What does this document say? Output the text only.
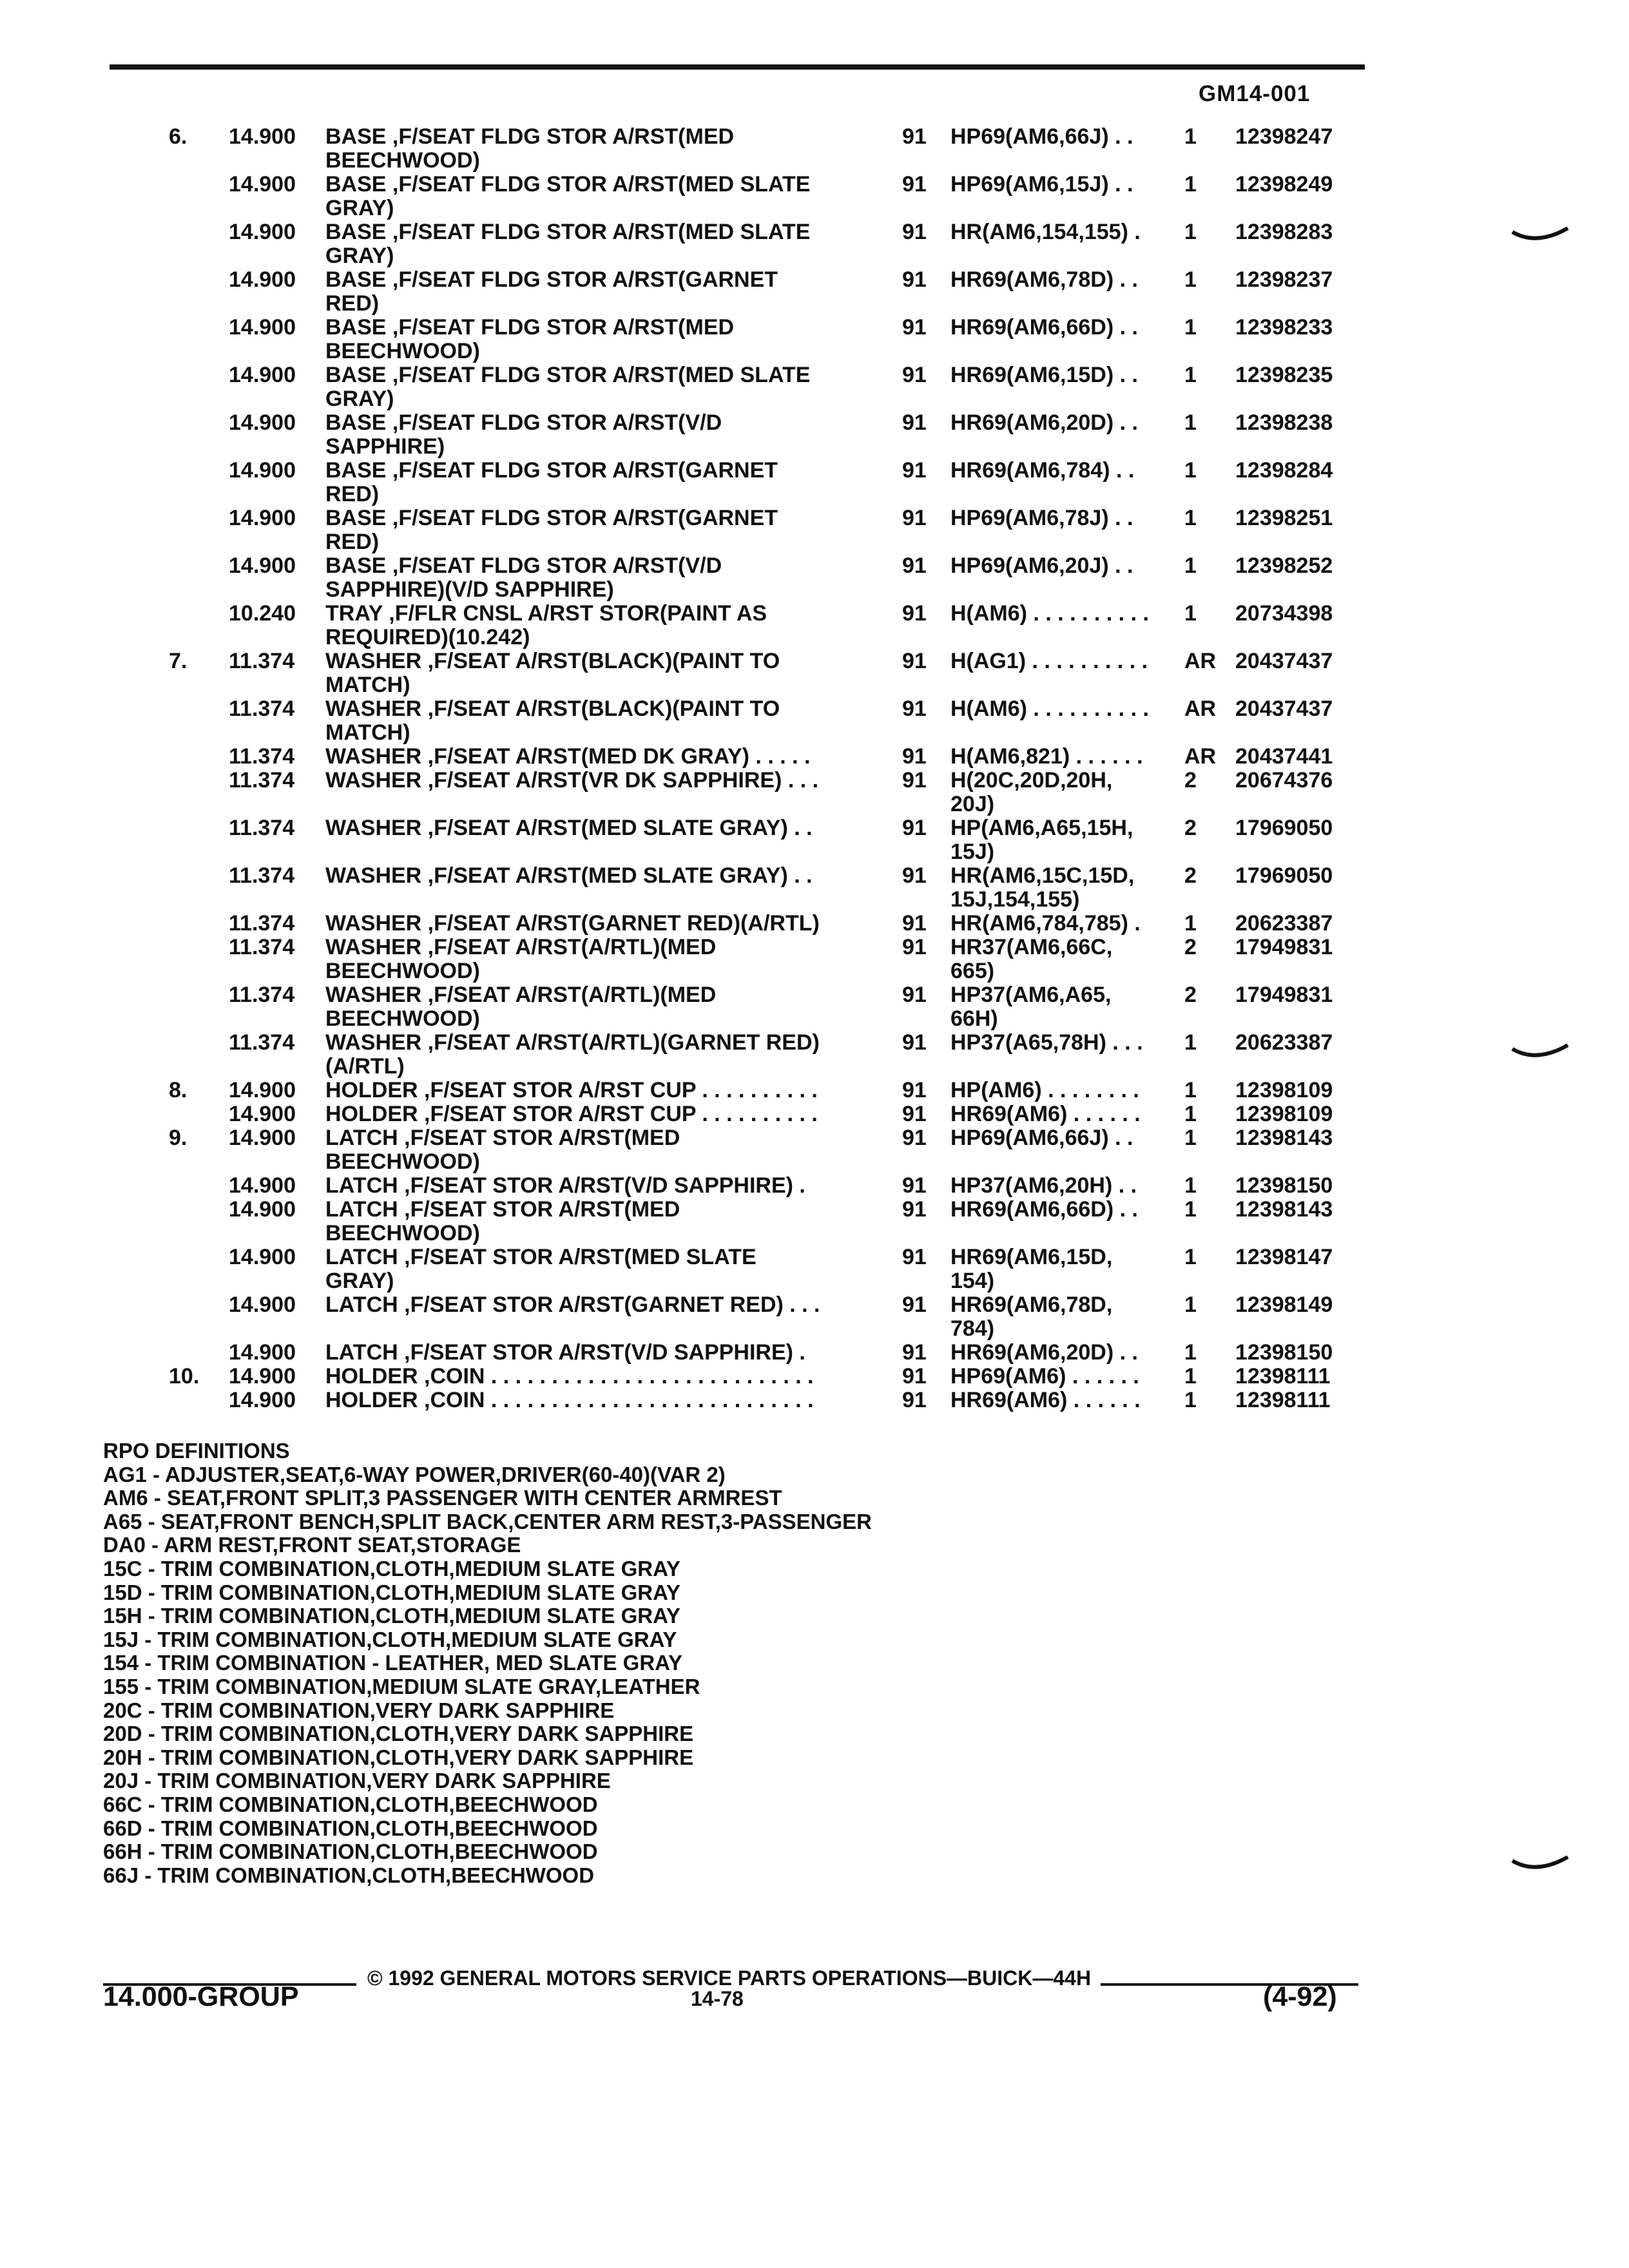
GM14-001
6.	14.900 BASE ,F/SEAT FLDG STOR A/RST(MED	91 HP69(AM6,66J) . .	1 12398247
BEECHWOOD)
14.900 BASE ,F/SEAT FLDG STOR A/RST(MED SLATE	91 HP69(AM6,15J) . .	1 12398249
GRAY)
14.900 BASE ,F/SEAT FLDG STOR A/RST(MED SLATE	91 HR(AM6,154,155) .	1 12398283
GRAY)
14.900 BASE ,F/SEAT FLDG STOR A/RST(GARNET	91 HR69(AM6,78D) . .	1 12398237
RED)
14.900 BASE ,F/SEAT FLDG STOR A/RST(MED	91 HR69(AM6,66D) . .	1 12398233
BEECHWOOD)
14.900 BASE ,F/SEAT FLDG STOR A/RST(MED SLATE	91 HR69(AM6,15D) . .	1 12398235
GRAY)
14.900 BASE ,F/SEAT FLDG STOR A/RST(V/D	91 HR69(AM6,20D) . .	1 12398238
SAPPHIRE)
14.900 BASE ,F/SEAT FLDG STOR A/RST(GARNET	91 HR69(AM6,784) . .	1 12398284
RED)
14.900 BASE ,F/SEAT FLDG STOR A/RST(GARNET	91 HP69(AM6,78J) . .	1 12398251
RED)
14.900 BASE ,F/SEAT FLDG STOR A/RST(V/D	91 HP69(AM6,20J) . .	1 12398252
SAPPHIRE)(V/D SAPPHIRE)
10.240 TRAY ,F/FLR CNSL A/RST STOR(PAINT AS	91 H(AM6) . . . . . . . . . .	1 20734398
REQUIRED)(10.242)
7.	11.374 WASHER ,F/SEAT A/RST(BLACK)(PAINT TO	91 H(AG1) . . . . . . . . . .	AR 20437437
MATCH)
11.374 WASHER ,F/SEAT A/RST(BLACK)(PAINT TO	91 H(AM6) . . . . . . . . . .	AR 20437437
MATCH)
11.374 WASHER ,F/SEAT A/RST(MED DK GRAY) . . . . .	91 H(AM6,821) . . . . . .	AR 20437441
11.374 WASHER ,F/SEAT A/RST(VR DK SAPPHIRE) . . .	91 H(20C,20D,20H,	2 20674376
20J)
11.374 WASHER ,F/SEAT A/RST(MED SLATE GRAY) . .	91 HP(AM6,A65,15H,	2 17969050
15J)
11.374 WASHER ,F/SEAT A/RST(MED SLATE GRAY) . .	91 HR(AM6,15C,15D,	2 17969050
15J,154,155)
11.374 WASHER ,F/SEAT A/RST(GARNET RED)(A/RTL)	91 HR(AM6,784,785) .	1 20623387
11.374 WASHER ,F/SEAT A/RST(A/RTL)(MED	91 HR37(AM6,66C,	2 17949831
BEECHWOOD)	665)
11.374 WASHER ,F/SEAT A/RST(A/RTL)(MED	91 HP37(AM6,A65,	2 17949831
BEECHWOOD)	66H)
11.374 WASHER ,F/SEAT A/RST(A/RTL)(GARNET RED)	91 HP37(A65,78H) . . .	1 20623387
(A/RTL)
8.	14.900 HOLDER ,F/SEAT STOR A/RST CUP . . . . . . . . . .	91 HP(AM6) . . . . . . . .	1 12398109
14.900 HOLDER ,F/SEAT STOR A/RST CUP . . . . . . . . . .	91 HR69(AM6) . . . . . .	1 12398109
9.	14.900 LATCH ,F/SEAT STOR A/RST(MED	91 HP69(AM6,66J) . .	1 12398143
BEECHWOOD)
14.900 LATCH ,F/SEAT STOR A/RST(V/D SAPPHIRE) .	91 HP37(AM6,20H) . .	1 12398150
14.900 LATCH ,F/SEAT STOR A/RST(MED	91 HR69(AM6,66D) . .	1 12398143
BEECHWOOD)
14.900 LATCH ,F/SEAT STOR A/RST(MED SLATE	91 HR69(AM6,15D,	1 12398147
GRAY)	154)
14.900 LATCH ,F/SEAT STOR A/RST(GARNET RED) . . .	91 HR69(AM6,78D,	1 12398149
784)
14.900 LATCH ,F/SEAT STOR A/RST(V/D SAPPHIRE) .	91 HR69(AM6,20D) . .	1 12398150
10.	14.900 HOLDER ,COIN . . . . . . . . . . . . . . . . . . . . . . . . . . .	91 HP69(AM6) . . . . . .	1 12398111
14.900 HOLDER ,COIN . . . . . . . . . . . . . . . . . . . . . . . . . . .	91 HR69(AM6) . . . . . .	1 12398111
RPO DEFINITIONS
AG1 - ADJUSTER,SEAT,6-WAY POWER,DRIVER(60-40)(VAR 2)
AM6 - SEAT,FRONT SPLIT,3 PASSENGER WITH CENTER ARMREST
A65 - SEAT,FRONT BENCH,SPLIT BACK,CENTER ARM REST,3-PASSENGER
DA0 - ARM REST,FRONT SEAT,STORAGE
15C - TRIM COMBINATION,CLOTH,MEDIUM SLATE GRAY
15D - TRIM COMBINATION,CLOTH,MEDIUM SLATE GRAY
15H - TRIM COMBINATION,CLOTH,MEDIUM SLATE GRAY
15J - TRIM COMBINATION,CLOTH,MEDIUM SLATE GRAY
154 - TRIM COMBINATION - LEATHER, MED SLATE GRAY
155 - TRIM COMBINATION,MEDIUM SLATE GRAY,LEATHER
20C - TRIM COMBINATION,VERY DARK SAPPHIRE
20D - TRIM COMBINATION,CLOTH,VERY DARK SAPPHIRE
20H - TRIM COMBINATION,CLOTH,VERY DARK SAPPHIRE
20J - TRIM COMBINATION,VERY DARK SAPPHIRE
66C - TRIM COMBINATION,CLOTH,BEECHWOOD
66D - TRIM COMBINATION,CLOTH,BEECHWOOD
66H - TRIM COMBINATION,CLOTH,BEECHWOOD
66J - TRIM COMBINATION,CLOTH,BEECHWOOD
© 1992 GENERAL MOTORS SERVICE PARTS OPERATIONS—BUICK—44H
14.000-GROUP	14-78	(4-92)
